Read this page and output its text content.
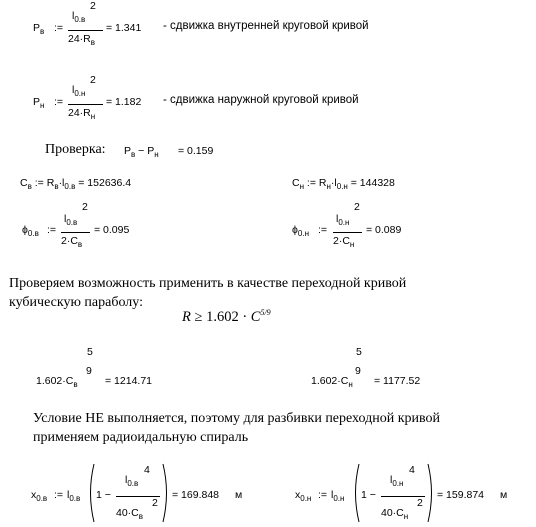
$P_в$ :=
$l_{0.в}$
2
$24\cdot R_в$
= 1.341 - сдвижка внутренней круговой кривой
$P_н$ :=
$l_{0.н}$
2
$24\cdot R_н$
= 1.182 - сдвижка наружной круговой кривой
Проверка: $P_в - P_н = 0.159$
$C_в$ := $R_в\cdot l_{0.в} = 152636.4$	$C_н$ := $R_н\cdot l_{0.н} = 144328$
$\phi_{0.в}$ :=
$l_{0.в}$
2
$2\cdot C_в$
= 0.095	$\phi_{0.н}$ :=
$l_{0.н}$
2
$2\cdot C_н$
= 0.089
Проверяем возможность применить в качестве переходной кривой
кубическую параболу:
$R \ge 1.602 \cdot C^{5/9}$
$1.602\cdot C_в$
5
9
= 1214.71	$1.602\cdot C_н$
5
9
= 1177.52
Условие НЕ выполняется, поэтому для разбивки переходной кривой
применяем радиоидальную спираль
$x_{0.в}$ := $l_{0.в}$ 1 −
$l_{0.в}$
4
$40\cdot C_в$
2
= 169.848 м	$x_{0.н}$ := $l_{0.н}$ 1 −
$l_{0.н}$
4
$40\cdot C_н$
2
= 159.874 м
